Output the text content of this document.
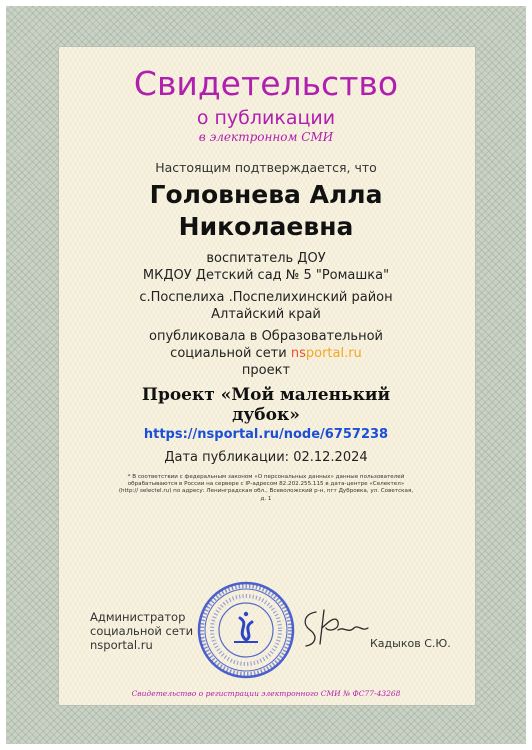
Свидетельство
о публикации
в электронном СМИ
Настоящим подтверждается, что
Головнева Алла
Николаевна
воспитатель ДОУ
МКДОУ Детский сад № 5 "Ромашка"
с.Поспелиха .Поспелихинский район
Алтайский край
опубликовала в Образовательной
социальной сети nsportal.ru
проект
Проект «Мой маленький
дубок»
https://nsportal.ru/node/6757238
Дата публикации: 02.12.2024
* В соответствии с федеральным законом «О персональных данных» данные пользователей обрабатываются в России на сервере с IP-адресом 82.202.255.115 в дата-центре «Селектел» (http:// selectel.ru) по адресу: Ленинградская обл., Всеволожский р-н, пгт Дубровка, ул. Советская, д. 1
Администратор
социальной сети
nsportal.ru	Кадыков С.Ю.
Свидетельство о регистрации электронного СМИ № ФС77-43268
